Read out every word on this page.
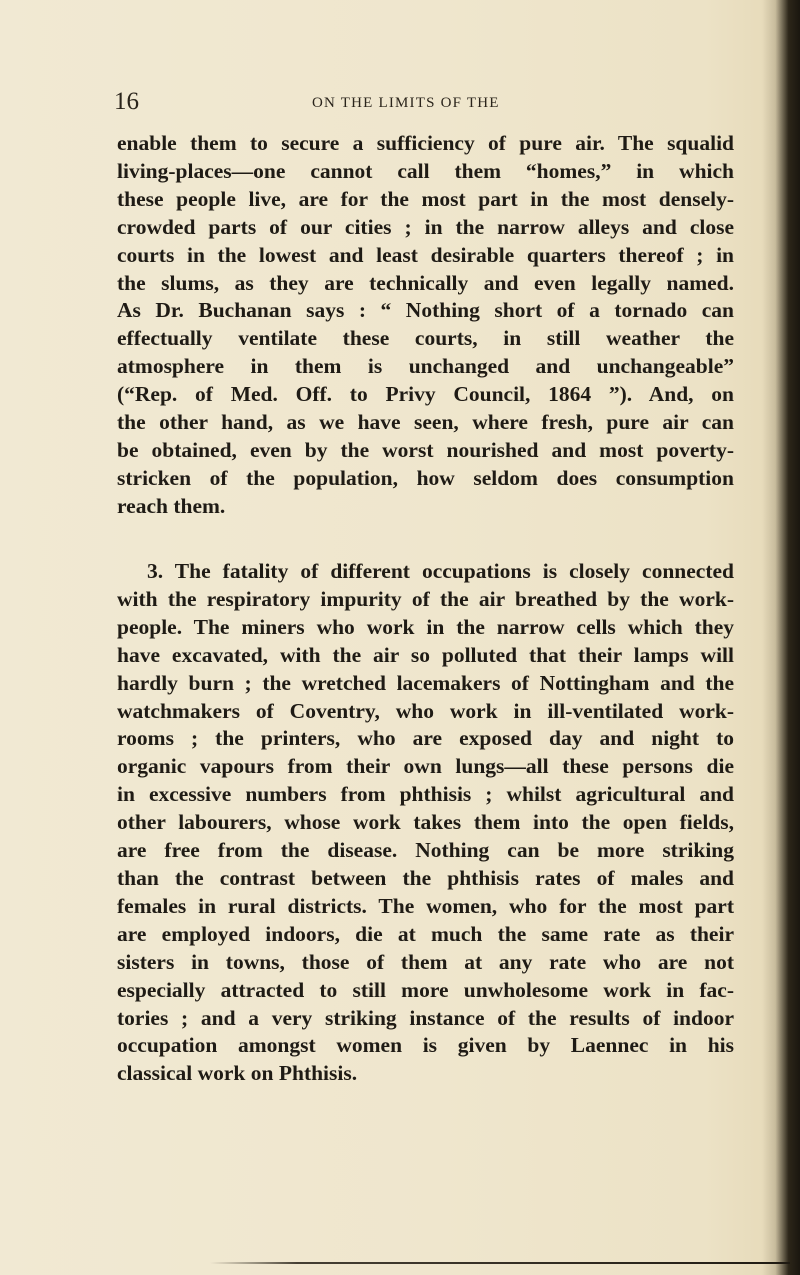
16	ON THE LIMITS OF THE

enable them to secure a sufficiency of pure air. The squalid
living-places—one cannot call them “homes,” in which
these people live, are for the most part in the most densely-
crowded parts of our cities ; in the narrow alleys and close
courts in the lowest and least desirable quarters thereof ; in
the slums, as they are technically and even legally named.
As Dr. Buchanan says : “ Nothing short of a tornado can
effectually ventilate these courts, in still weather the
atmosphere in them is unchanged and unchangeable”
(“Rep. of Med. Off. to Privy Council, 1864 ”). And, on
the other hand, as we have seen, where fresh, pure air can
be obtained, even by the worst nourished and most poverty-
stricken of the population, how seldom does consumption
reach them.

3. The fatality of different occupations is closely connected
with the respiratory impurity of the air breathed by the work-
people. The miners who work in the narrow cells which they
have excavated, with the air so polluted that their lamps will
hardly burn ; the wretched lacemakers of Nottingham and the
watchmakers of Coventry, who work in ill-ventilated work-
rooms ; the printers, who are exposed day and night to
organic vapours from their own lungs—all these persons die
in excessive numbers from phthisis ; whilst agricultural and
other labourers, whose work takes them into the open fields,
are free from the disease. Nothing can be more striking
than the contrast between the phthisis rates of males and
females in rural districts. The women, who for the most part
are employed indoors, die at much the same rate as their
sisters in towns, those of them at any rate who are not
especially attracted to still more unwholesome work in fac-
tories ; and a very striking instance of the results of indoor
occupation amongst women is given by Laennec in his
classical work on Phthisis.
